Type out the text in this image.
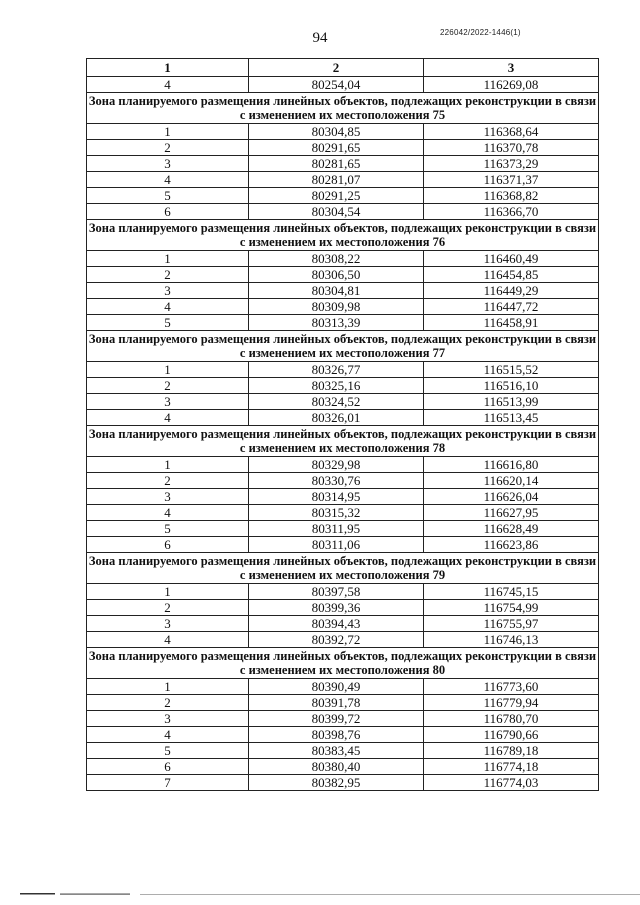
94	226042/2022-1446(1)
1	2	3
4	80254,04	116269,08
Зона планируемого размещения линейных объектов, подлежащих реконструкции в связи с изменением их местоположения 75		
1	80304,85	116368,64
2	80291,65	116370,78
3	80281,65	116373,29
4	80281,07	116371,37
5	80291,25	116368,82
6	80304,54	116366,70
Зона планируемого размещения линейных объектов, подлежащих реконструкции в связи с изменением их местоположения 76		
1	80308,22	116460,49
2	80306,50	116454,85
3	80304,81	116449,29
4	80309,98	116447,72
5	80313,39	116458,91
Зона планируемого размещения линейных объектов, подлежащих реконструкции в связи с изменением их местоположения 77		
1	80326,77	116515,52
2	80325,16	116516,10
3	80324,52	116513,99
4	80326,01	116513,45
Зона планируемого размещения линейных объектов, подлежащих реконструкции в связи с изменением их местоположения 78		
1	80329,98	116616,80
2	80330,76	116620,14
3	80314,95	116626,04
4	80315,32	116627,95
5	80311,95	116628,49
6	80311,06	116623,86
Зона планируемого размещения линейных объектов, подлежащих реконструкции в связи с изменением их местоположения 79		
1	80397,58	116745,15
2	80399,36	116754,99
3	80394,43	116755,97
4	80392,72	116746,13
Зона планируемого размещения линейных объектов, подлежащих реконструкции в связи с изменением их местоположения 80		
1	80390,49	116773,60
2	80391,78	116779,94
3	80399,72	116780,70
4	80398,76	116790,66
5	80383,45	116789,18
6	80380,40	116774,18
7	80382,95	116774,03
